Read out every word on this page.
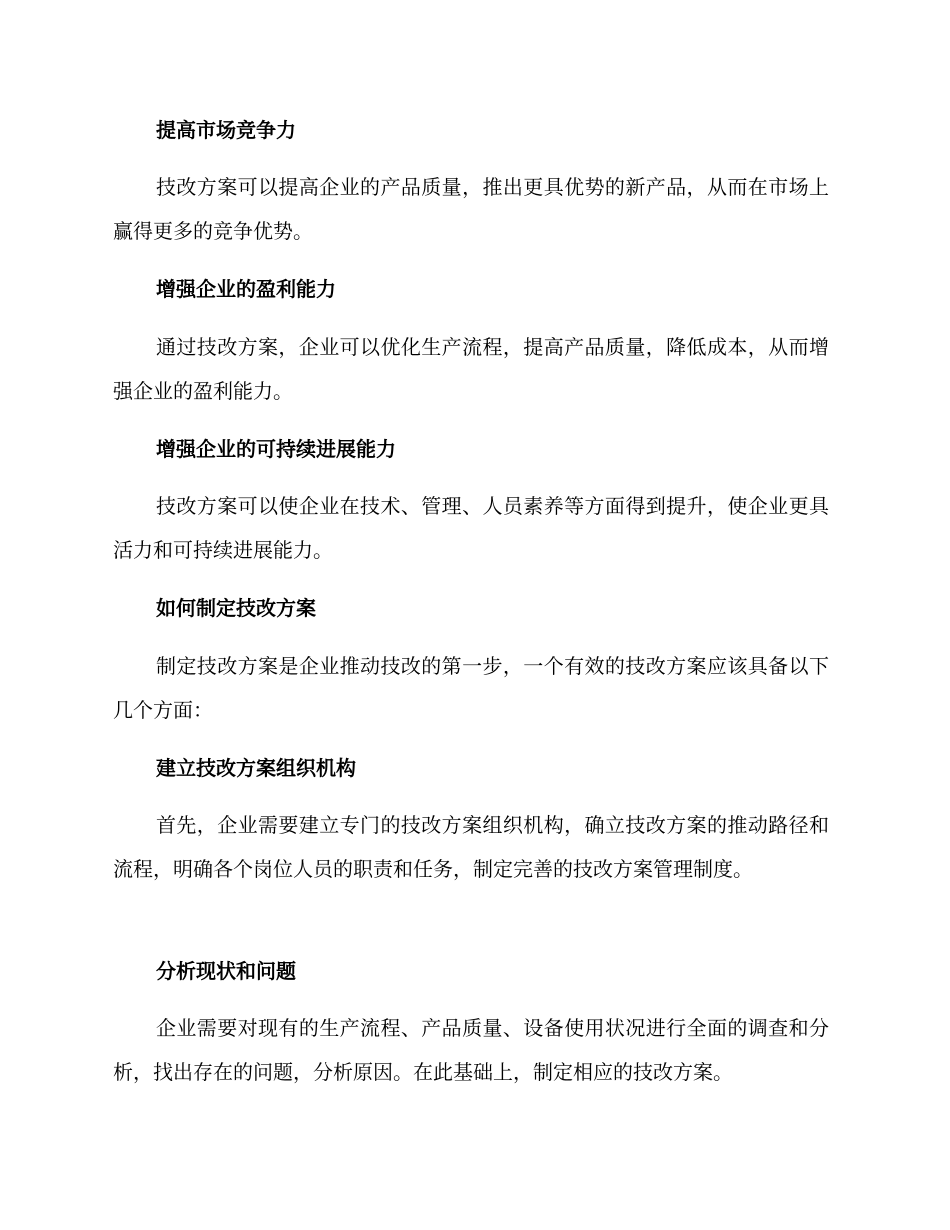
提高市场竞争力

技改方案可以提高企业的产品质量，推出更具优势的新产品，从而在市场上赢得更多的竞争优势。

增强企业的盈利能力

通过技改方案，企业可以优化生产流程，提高产品质量，降低成本，从而增强企业的盈利能力。

增强企业的可持续进展能力

技改方案可以使企业在技术、管理、人员素养等方面得到提升，使企业更具活力和可持续进展能力。

如何制定技改方案

制定技改方案是企业推动技改的第一步，一个有效的技改方案应该具备以下几个方面：

建立技改方案组织机构

首先，企业需要建立专门的技改方案组织机构，确立技改方案的推动路径和流程，明确各个岗位人员的职责和任务，制定完善的技改方案管理制度。

分析现状和问题

企业需要对现有的生产流程、产品质量、设备使用状况进行全面的调查和分析，找出存在的问题，分析原因。在此基础上，制定相应的技改方案。
